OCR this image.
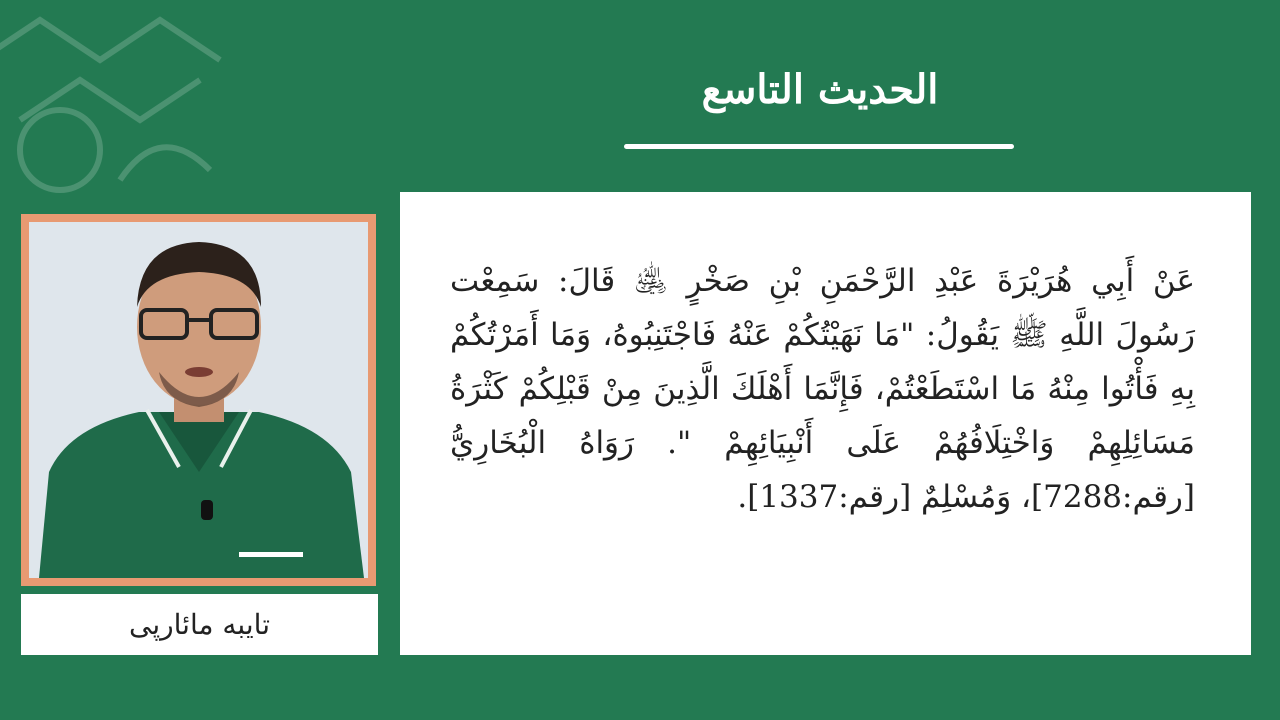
الحديث التاسع

عَنْ أَبِي هُرَيْرَةَ عَبْدِ الرَّحْمَنِ بْنِ صَخْرٍ ﵁ قَالَ: سَمِعْت رَسُولَ اللَّهِ ﷺ يَقُولُ: "مَا نَهَيْتُكُمْ عَنْهُ فَاجْتَنِبُوهُ، وَمَا أَمَرْتُكُمْ بِهِ فَأْتُوا مِنْهُ مَا اسْتَطَعْتُمْ، فَإِنَّمَا أَهْلَكَ الَّذِينَ مِنْ قَبْلِكُمْ كَثْرَةُ مَسَائِلِهِمْ وَاخْتِلَافُهُمْ عَلَى أَنْبِيَائِهِمْ ". رَوَاهُ الْبُخَارِيُّ [رقم:7288]، وَمُسْلِمٌ [رقم:1337].

تايبه مائارپى
